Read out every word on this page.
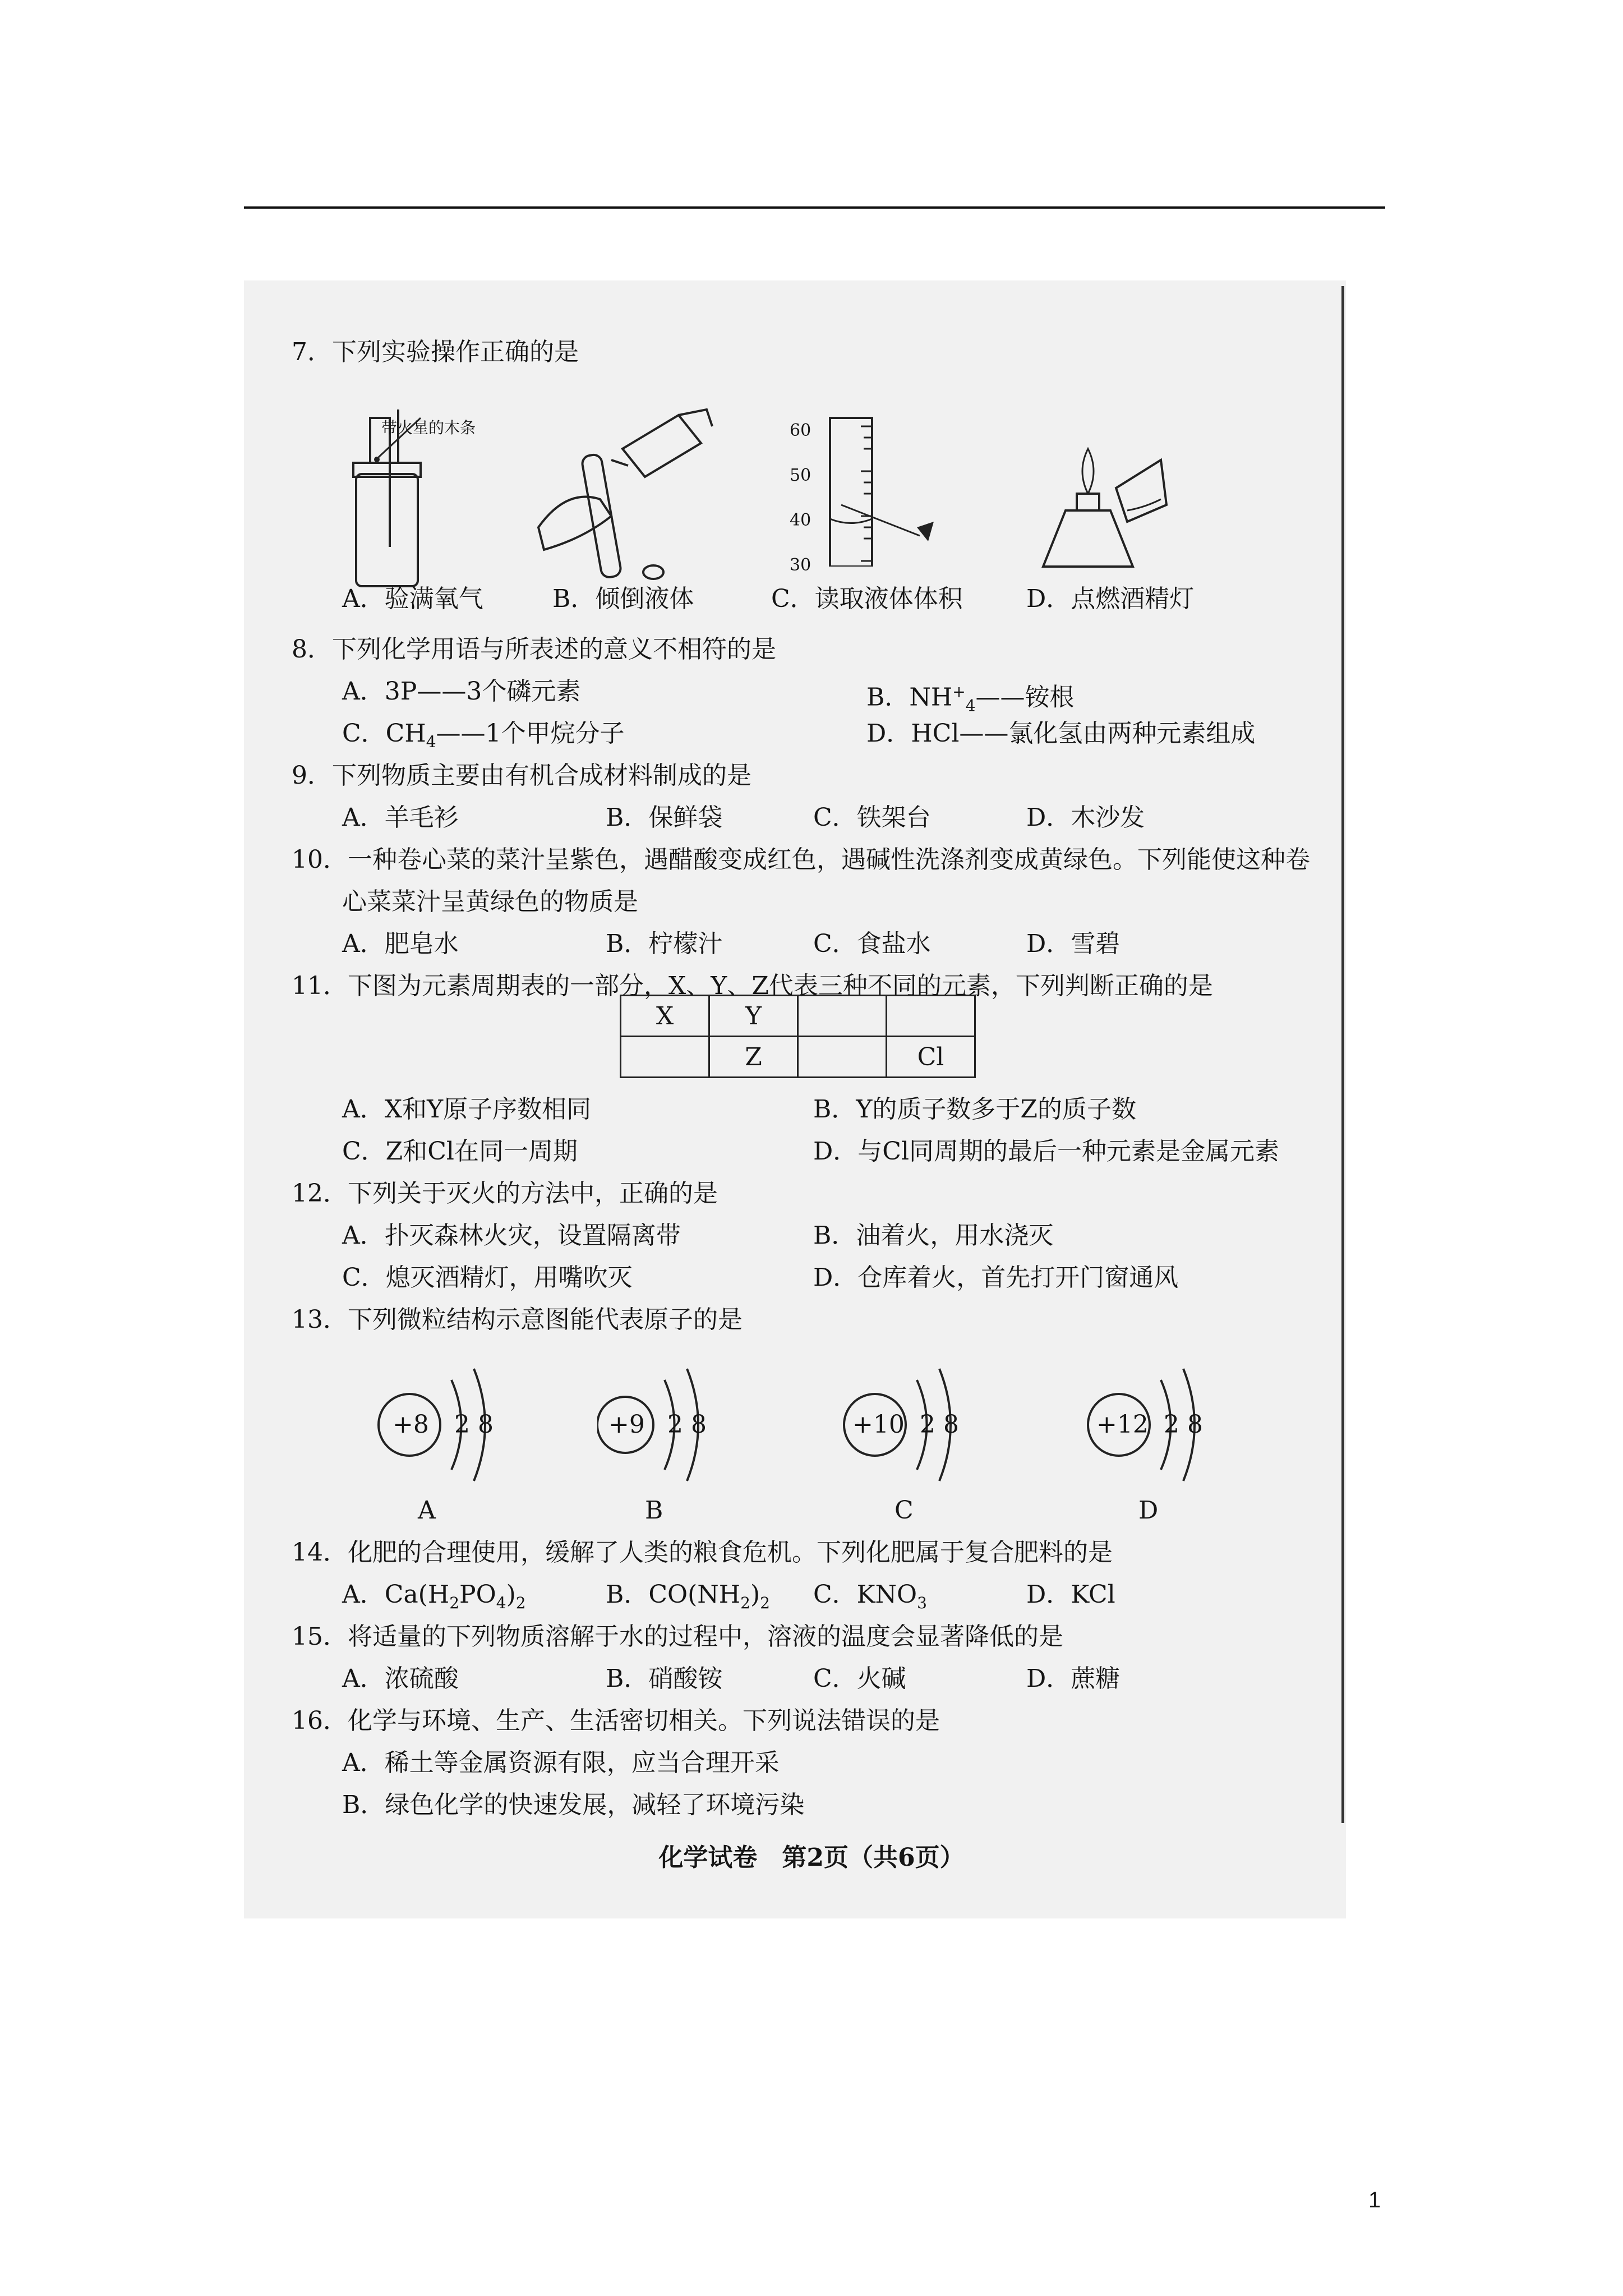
7．下列实验操作正确的是
带火星的木条	60
50
40
30
A．验满氧气	B．倾倒液体	C．读取液体体积	D．点燃酒精灯
8．下列化学用语与所表述的意义不相符的是
A．3P——3个磷元素	B．$NH^+_4——$铵根
C．$CH_4——1$个甲烷分子	D．HCl——氯化氢由两种元素组成
9．下列物质主要由有机合成材料制成的是
A．羊毛衫	B．保鲜袋	C．铁架台	D．木沙发
10．一种卷心菜的菜汁呈紫色，遇醋酸变成红色，遇碱性洗涤剂变成黄绿色。下列能使这种卷
心菜菜汁呈黄绿色的物质是
A．肥皂水	B．柠檬汁	C．食盐水	D．雪碧
11．下图为元素周期表的一部分，X、Y、Z代表三种不同的元素，下列判断正确的是
X	Y		
	Z		Cl
A．X和Y原子序数相同	B．Y的质子数多于Z的质子数
C．Z和Cl在同一周期	D．与Cl同周期的最后一种元素是金属元素
12．下列关于灭火的方法中，正确的是
A．扑灭森林火灾，设置隔离带	B．油着火，用水浇灭
C．熄灭酒精灯，用嘴吹灭	D．仓库着火，首先打开门窗通风
13．下列微粒结构示意图能代表原子的是
+8 2 8	+9 2 8	+10 2 8	+12 2 8
A	B	C	D
14．化肥的合理使用，缓解了人类的粮食危机。下列化肥属于复合肥料的是
A．$Ca(H_2PO_4)_2$	B．$CO(NH_2)_2$ C．$KNO_3$	D．KCl
15．将适量的下列物质溶解于水的过程中，溶液的温度会显著降低的是
A．浓硫酸	B．硝酸铵	C．火碱	D．蔗糖
16．化学与环境、生产、生活密切相关。下列说法错误的是
A．稀土等金属资源有限，应当合理开采
B．绿色化学的快速发展，减轻了环境污染
化学试卷　第2页（共6页）
1
